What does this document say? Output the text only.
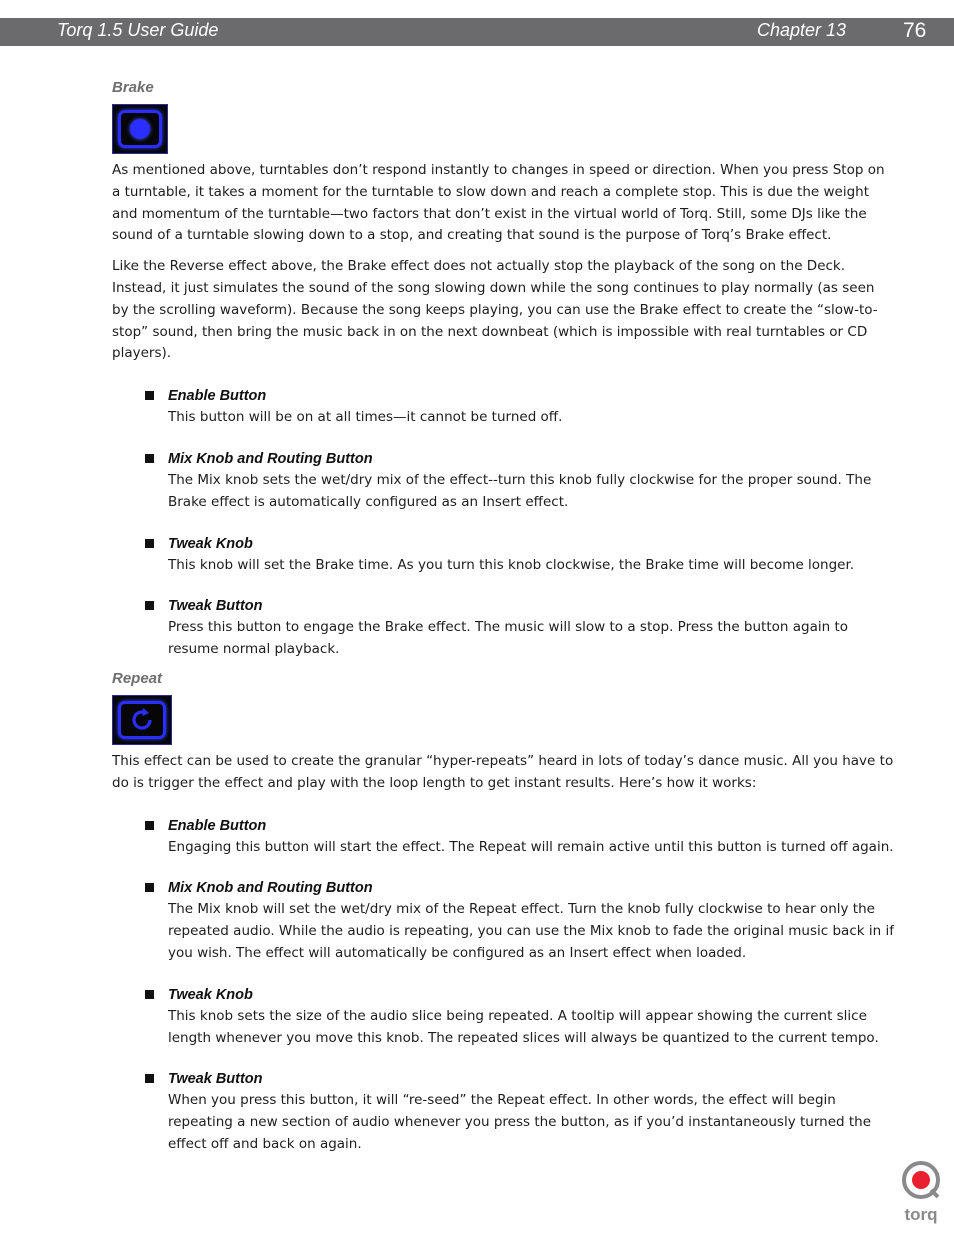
Torq 1.5 User Guide	Chapter 13	76
Brake

As mentioned above, turntables don’t respond instantly to changes in speed or direction. When you press Stop on a turntable, it takes a moment for the turntable to slow down and reach a complete stop. This is due the weight and momentum of the turntable—two factors that don’t exist in the virtual world of Torq. Still, some DJs like the sound of a turntable slowing down to a stop, and creating that sound is the purpose of Torq’s Brake effect.

Like the Reverse effect above, the Brake effect does not actually stop the playback of the song on the Deck. Instead, it just simulates the sound of the song slowing down while the song continues to play normally (as seen by the scrolling waveform). Because the song keeps playing, you can use the Brake effect to create the “slow-to-stop” sound, then bring the music back in on the next downbeat (which is impossible with real turntables or CD players).

Enable Button

This button will be on at all times—it cannot be turned off.

Mix Knob and Routing Button

The Mix knob sets the wet/dry mix of the effect--turn this knob fully clockwise for the proper sound. The Brake effect is automatically configured as an Insert effect.

Tweak Knob

This knob will set the Brake time. As you turn this knob clockwise, the Brake time will become longer.

Tweak Button

Press this button to engage the Brake effect. The music will slow to a stop. Press the button again to resume normal playback.

Repeat

This effect can be used to create the granular “hyper-repeats” heard in lots of today’s dance music. All you have to do is trigger the effect and play with the loop length to get instant results. Here’s how it works:

Enable Button

Engaging this button will start the effect. The Repeat will remain active until this button is turned off again.

Mix Knob and Routing Button

The Mix knob will set the wet/dry mix of the Repeat effect. Turn the knob fully clockwise to hear only the repeated audio. While the audio is repeating, you can use the Mix knob to fade the original music back in if you wish. The effect will automatically be configured as an Insert effect when loaded.

Tweak Knob

This knob sets the size of the audio slice being repeated. A tooltip will appear showing the current slice length whenever you move this knob. The repeated slices will always be quantized to the current tempo.

Tweak Button

When you press this button, it will “re-seed” the Repeat effect. In other words, the effect will begin repeating a new section of audio whenever you press the button, as if you’d instantaneously turned the effect off and back on again.

torq
